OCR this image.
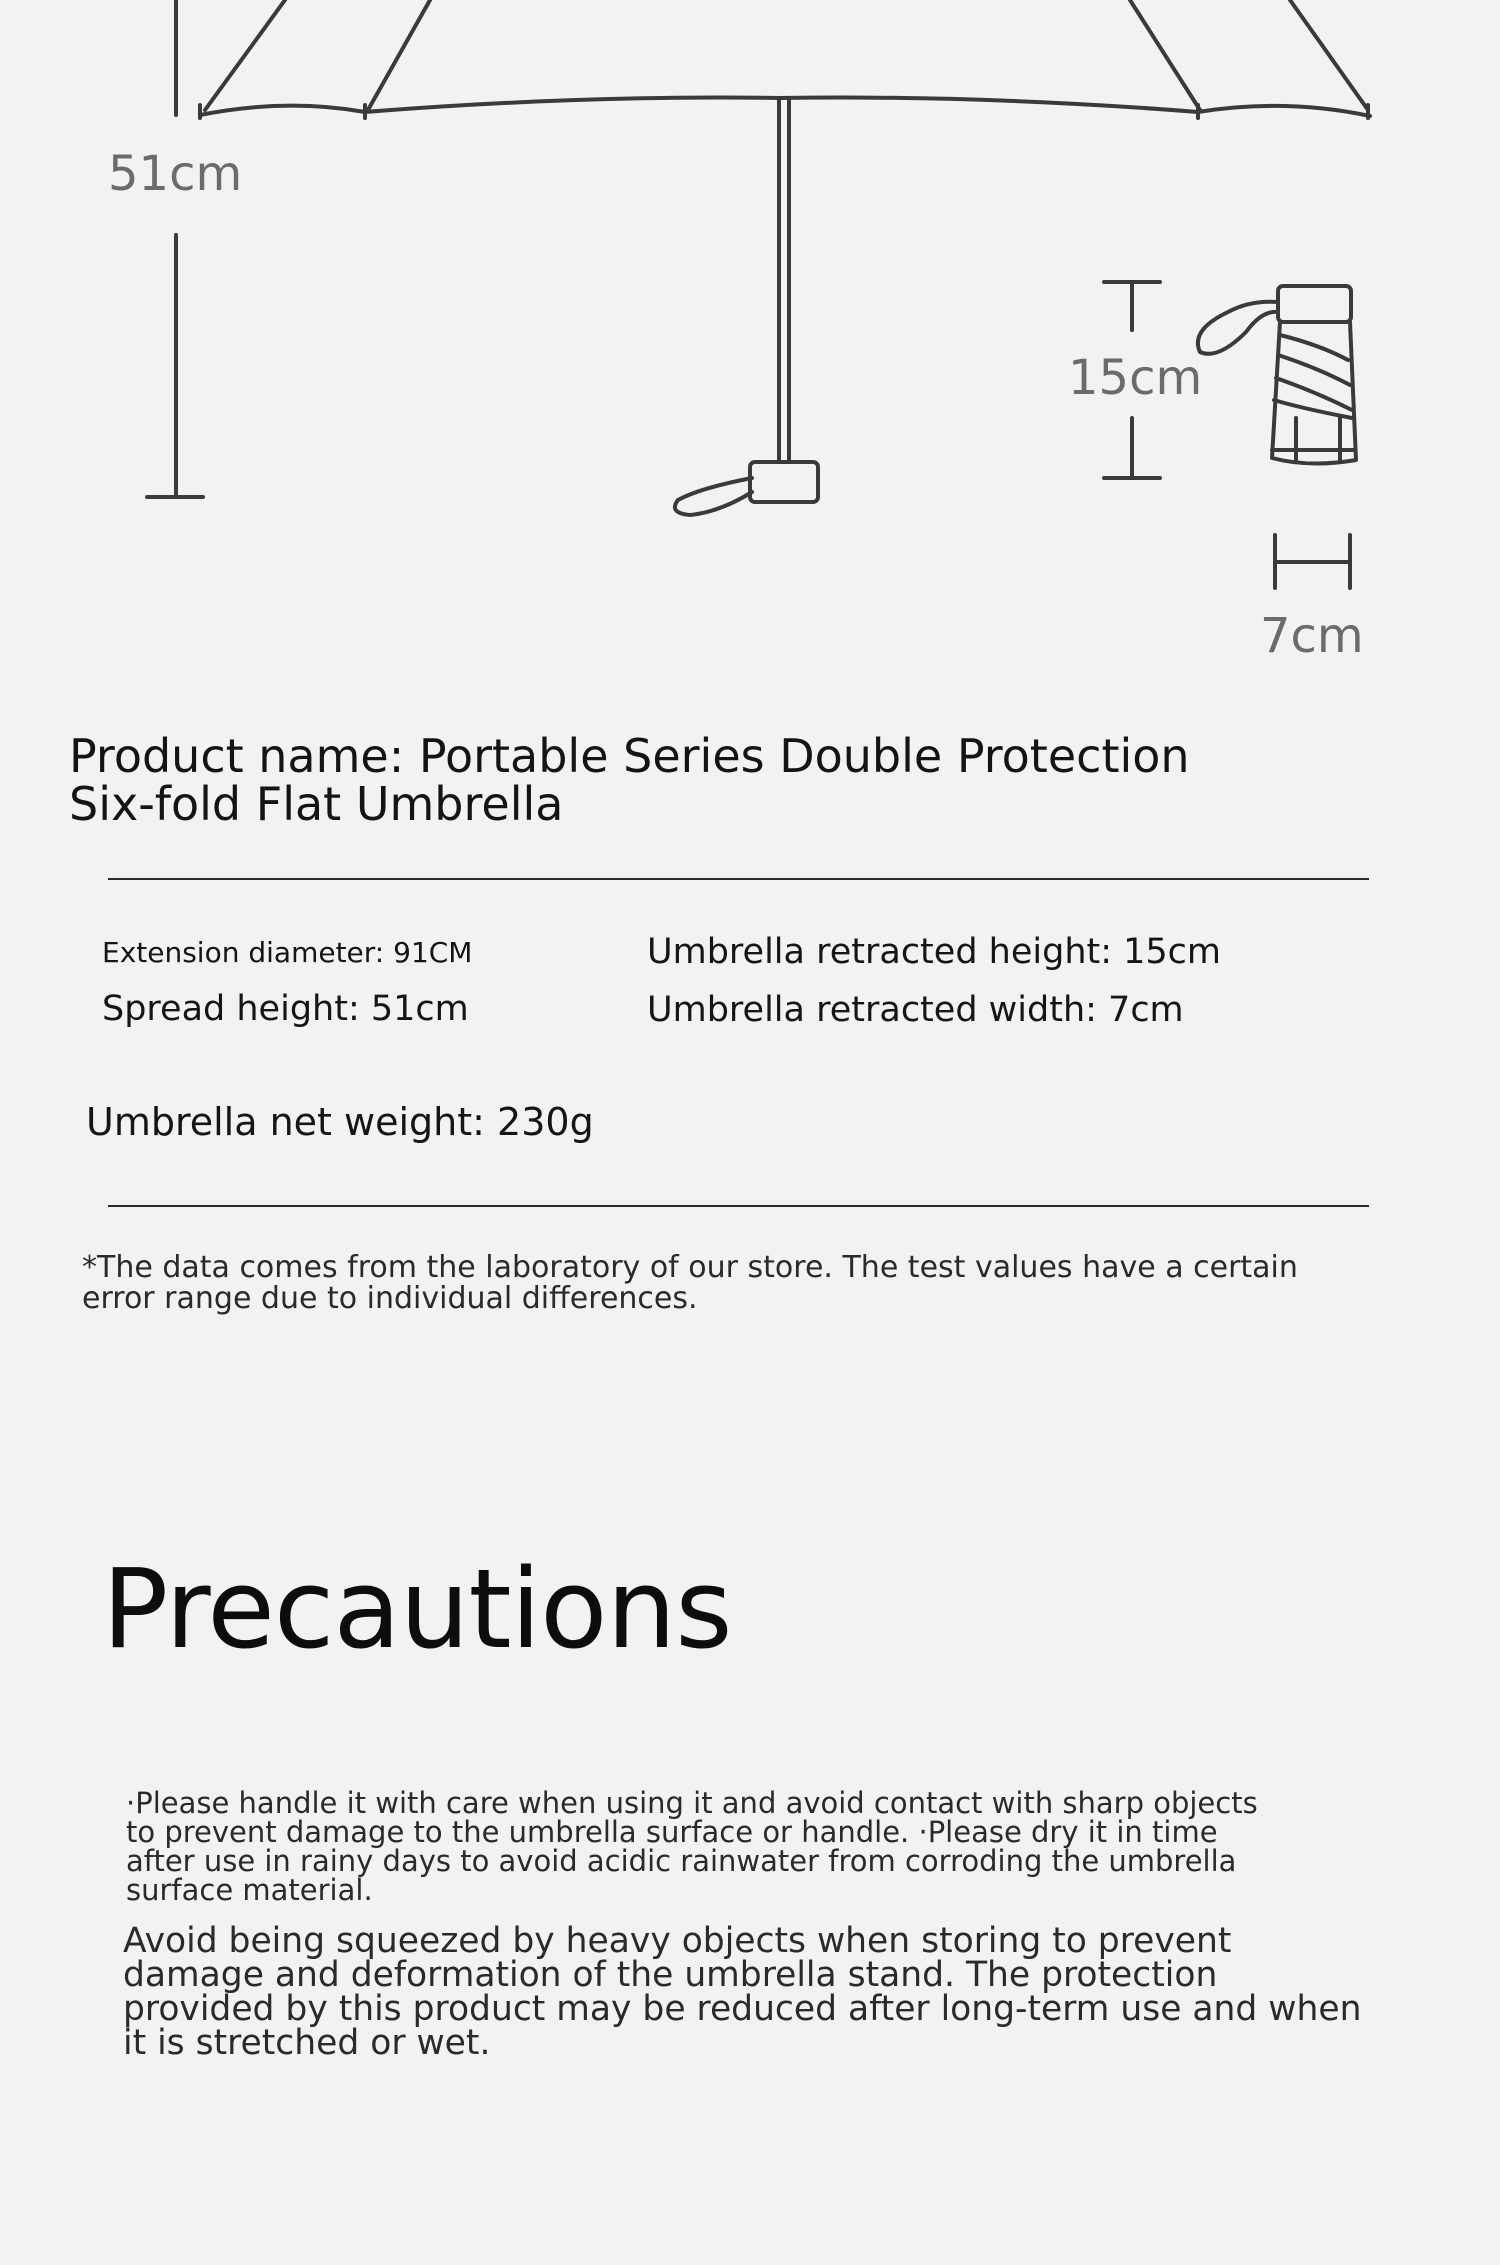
51cm
15cm
7cm
Product name: Portable Series Double Protection Six-fold Flat Umbrella
Extension diameter: 91CM
Spread height: 51cm
Umbrella retracted height: 15cm
Umbrella retracted width: 7cm
Umbrella net weight: 230g
*The data comes from the laboratory of our store. The test values have a certain error range due to individual differences.
Precautions
·Please handle it with care when using it and avoid contact with sharp objects to prevent damage to the umbrella surface or handle. ·Please dry it in time after use in rainy days to avoid acidic rainwater from corroding the umbrella surface material.
Avoid being squeezed by heavy objects when storing to prevent damage and deformation of the umbrella stand. The protection provided by this product may be reduced after long-term use and when it is stretched or wet.
